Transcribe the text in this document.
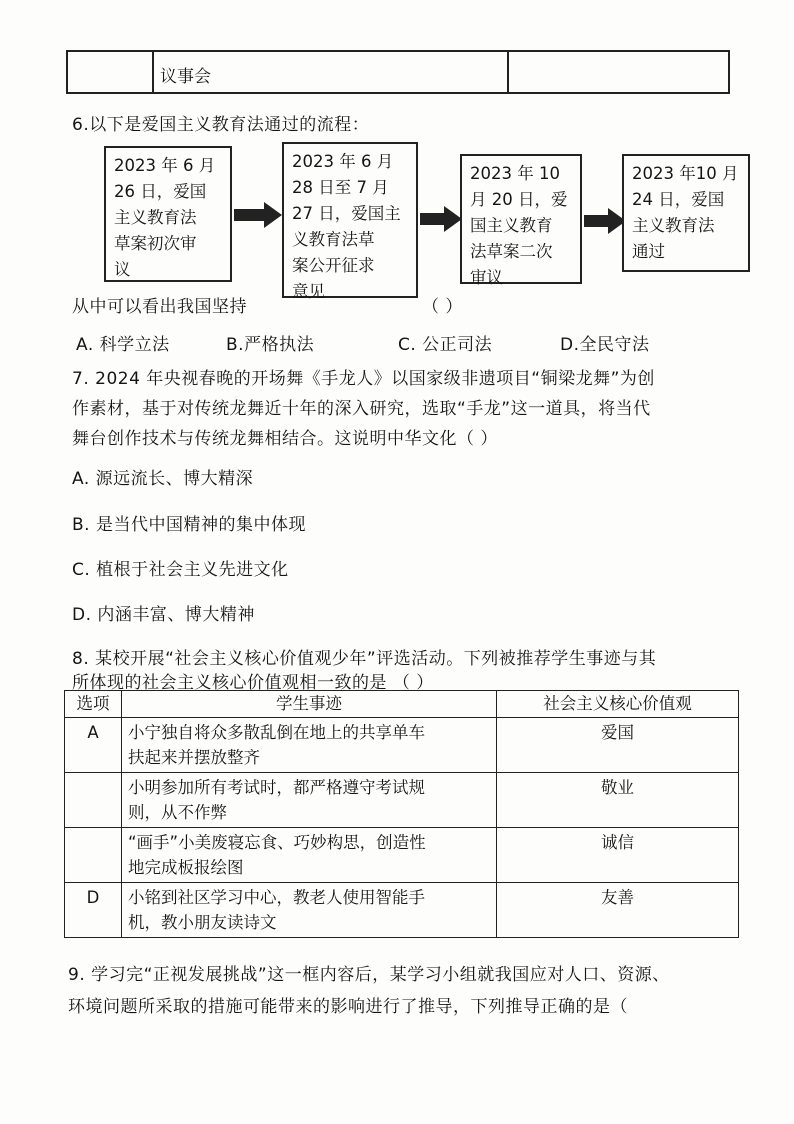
议事会
6.以下是爱国主义教育法通过的流程：
2023 年 6 月
26 日，爱国
主义教育法
草案初次审
议
2023 年 6 月
28 日至 7 月
27 日，爱国主
义教育法草
案公开征求
意见
2023 年 10
月 20 日，爱
国主义教育
法草案二次
审议
2023 年10 月
24 日，爱国
主义教育法
通过
从中可以看出我国坚持	（ ）
A. 科学立法	B.严格执法	C. 公正司法	D.全民守法
7. 2024 年央视春晚的开场舞《手龙人》以国家级非遗项目“铜梁龙舞”为创
作素材，基于对传统龙舞近十年的深入研究，选取“手龙”这一道具，将当代
舞台创作技术与传统龙舞相结合。这说明中华文化（ ）
A. 源远流长、博大精深
B. 是当代中国精神的集中体现
C. 植根于社会主义先进文化
D. 内涵丰富、博大精神
8. 某校开展“社会主义核心价值观少年”评选活动。下列被推荐学生事迹与其
所体现的社会主义核心价值观相一致的是 （ ）
选项	学生事迹	社会主义核心价值观
A	小宁独自将众多散乱倒在地上的共享单车
扶起来并摆放整齐	爱国

	小明参加所有考试时，都严格遵守考试规
则，从不作弊	敬业

	“画手”小美废寝忘食、巧妙构思，创造性
地完成板报绘图	诚信
D	小铭到社区学习中心，教老人使用智能手
机，教小朋友读诗文	友善
9. 学习完“正视发展挑战”这一框内容后，某学习小组就我国应对人口、资源、
环境问题所采取的措施可能带来的影响进行了推导，下列推导正确的是（
